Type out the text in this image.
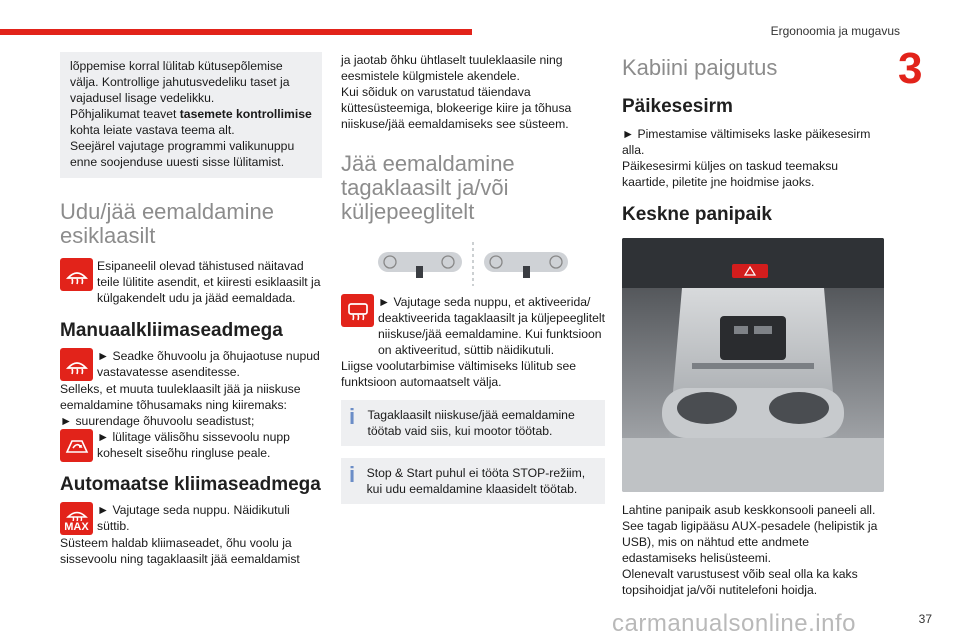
Ergonoomia ja mugavus
3

lõppemise korral lülitab kütusepõlemise välja. Kontrollige jahutusvedeliku taset ja vajadusel lisage vedelikku.

Põhjalikumat teavet tasemete kontrollimise kohta leiate vastava teema alt.

Seejärel vajutage programmi valikunuppu enne soojenduse uuesti sisse lülitamist.

Udu/jää eemaldamine esiklaasilt

Esipaneelil olevad tähistused näitavad teile lülitite asendit, et kiiresti esiklaasilt ja külgakendelt udu ja jääd eemaldada.

Manuaalkliimaseadmega

► Seadke õhuvoolu ja õhujaotuse nupud vastavatesse asenditesse.

Selleks, et muuta tuuleklaasilt jää ja niiskuse eemaldamine tõhusamaks ning kiiremaks:

► suurendage õhuvoolu seadistust;

► lülitage välisõhu sissevoolu nupp koheselt siseõhu ringluse peale.

Automaatse kliimaseadmega
MAX

► Vajutage seda nuppu. Näidikutuli süttib.

Süsteem haldab kliimaseadet, õhu voolu ja sissevoolu ning tagaklaasilt jää eemaldamist

ja jaotab õhku ühtlaselt tuuleklaasile ning eesmistele külgmistele akendele.
Kui sõiduk on varustatud täiendava küttesüsteemiga, blokeerige kiire ja tõhusa niiskuse/jää eemaldamiseks see süsteem.

Jää eemaldamine tagaklaasilt ja/või küljepeeglitelt

► Vajutage seda nuppu, et aktiveerida/ deaktiveerida tagaklaasilt ja küljepeeglitelt niiskuse/jää eemaldamine. Kui funktsioon on aktiveeritud, süttib näidikutuli.

Liigse voolutarbimise vältimiseks lülitub see funktsioon automaatselt välja.

i	Tagaklaasilt niiskuse/jää eemaldamine töötab vaid siis, kui mootor töötab.

i Stop & Start puhul ei tööta STOP-režiim, kui udu eemaldamine klaasidelt töötab.

Kabiini paigutus
Päikesesirm

► Pimestamise vältimiseks laske päikesesirm alla.

Päikesesirmi küljes on taskud teemaksu kaartide, piletite jne hoidmise jaoks.

Keskne panipaik

Lahtine panipaik asub keskkonsooli paneeli all.

See tagab ligipääsu AUX-pesadele (helipistik ja USB), mis on nähtud ette andmete edastamiseks helisüsteemi.

Olenevalt varustusest võib seal olla ka kaks topsihoidjat ja/või nutitelefoni hoidja.

37
carmanualsonline.info
